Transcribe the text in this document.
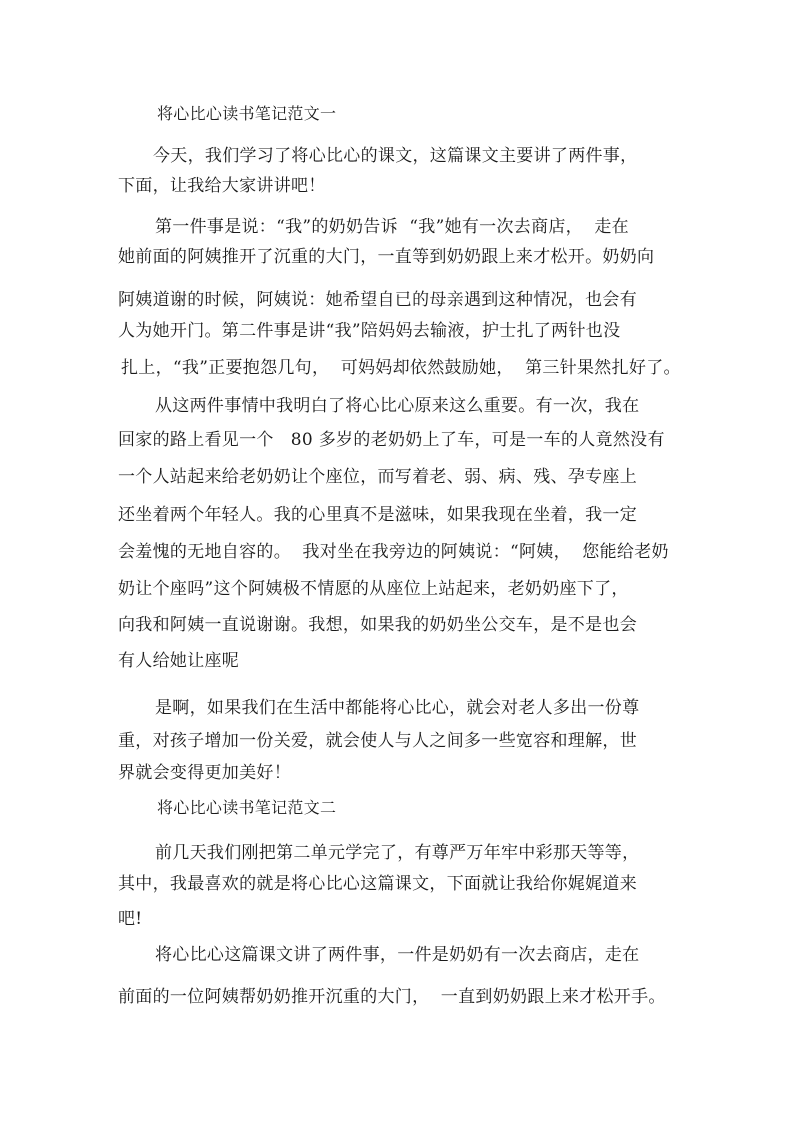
将心比心读书笔记范文一
今天，我们学习了将心比心的课文，这篇课文主要讲了两件事，
下面，让我给大家讲讲吧！
第一件事是说：“我”的奶奶告诉  “我”她有一次去商店，  走在
她前面的阿姨推开了沉重的大门，一直等到奶奶跟上来才松开。奶奶向
阿姨道谢的时候，阿姨说：她希望自已的母亲遇到这种情况，也会有
人为她开门。第二件事是讲“我”陪妈妈去输液，护士扎了两针也没
扎上，“我”正要抱怨几句，  可妈妈却依然鼓励她，  第三针果然扎好了。
从这两件事情中我明白了将心比心原来这么重要。有一次，我在
回家的路上看见一个   80 多岁的老奶奶上了车，可是一车的人竟然没有
一个人站起来给老奶奶让个座位，而写着老、弱、病、残、孕专座上
还坐着两个年轻人。我的心里真不是滋味，如果我现在坐着，我一定
会羞愧的无地自容的。  我对坐在我旁边的阿姨说：“阿姨，  您能给老奶
奶让个座吗”这个阿姨极不情愿的从座位上站起来，老奶奶座下了，
向我和阿姨一直说谢谢。我想，如果我的奶奶坐公交车，是不是也会
有人给她让座呢
是啊，如果我们在生活中都能将心比心，就会对老人多出一份尊
重，对孩子增加一份关爱，就会使人与人之间多一些宽容和理解，世
界就会变得更加美好！
将心比心读书笔记范文二
前几天我们刚把第二单元学完了，有尊严万年牢中彩那天等等，
其中，我最喜欢的就是将心比心这篇课文，下面就让我给你娓娓道来
吧!
将心比心这篇课文讲了两件事，一件是奶奶有一次去商店，走在
前面的一位阿姨帮奶奶推开沉重的大门，  一直到奶奶跟上来才松开手。
